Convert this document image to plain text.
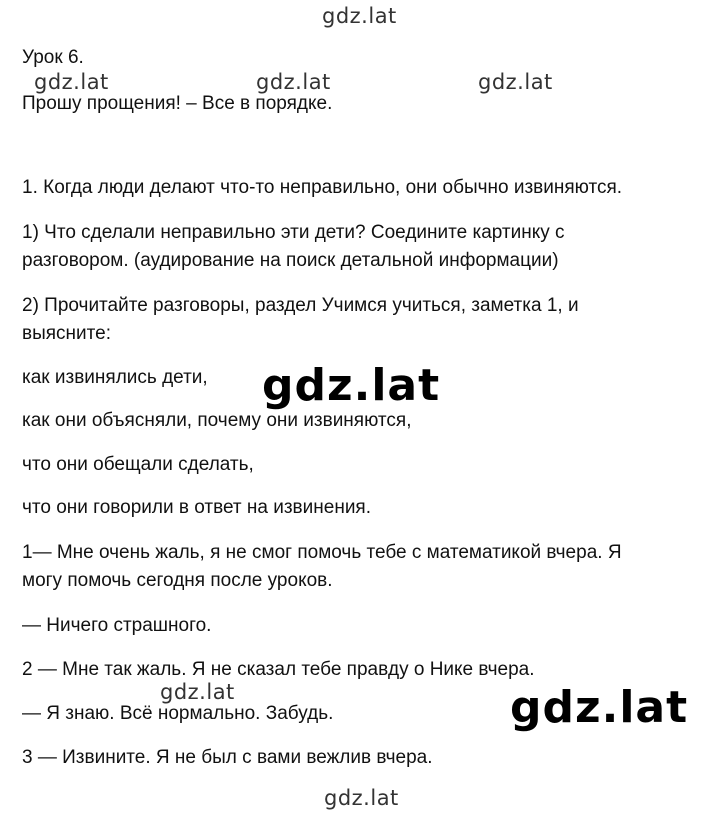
gdz.lat
gdz.lat	gdz.lat	gdz.lat
gdz.lat
gdz.lat	gdz.lat
gdz.lat
Урок 6.
Прошу прощения! – Все в порядке.
1. Когда люди делают что-то неправильно, они обычно извиняются.
1) Что сделали неправильно эти дети? Соедините картинку с
разговором. (аудирование на поиск детальной информации)
2) Прочитайте разговоры, раздел Учимся учиться, заметка 1, и
выясните:
как извинялись дети,
как они объясняли, почему они извиняются,
что они обещали сделать,
что они говорили в ответ на извинения.
1— Мне очень жаль, я не смог помочь тебе с математикой вчера. Я
могу помочь сегодня после уроков.
— Ничего страшного.
2 — Мне так жаль. Я не сказал тебе правду о Нике вчера.
— Я знаю. Всё нормально. Забудь.
3 — Извините. Я не был с вами вежлив вчера.
